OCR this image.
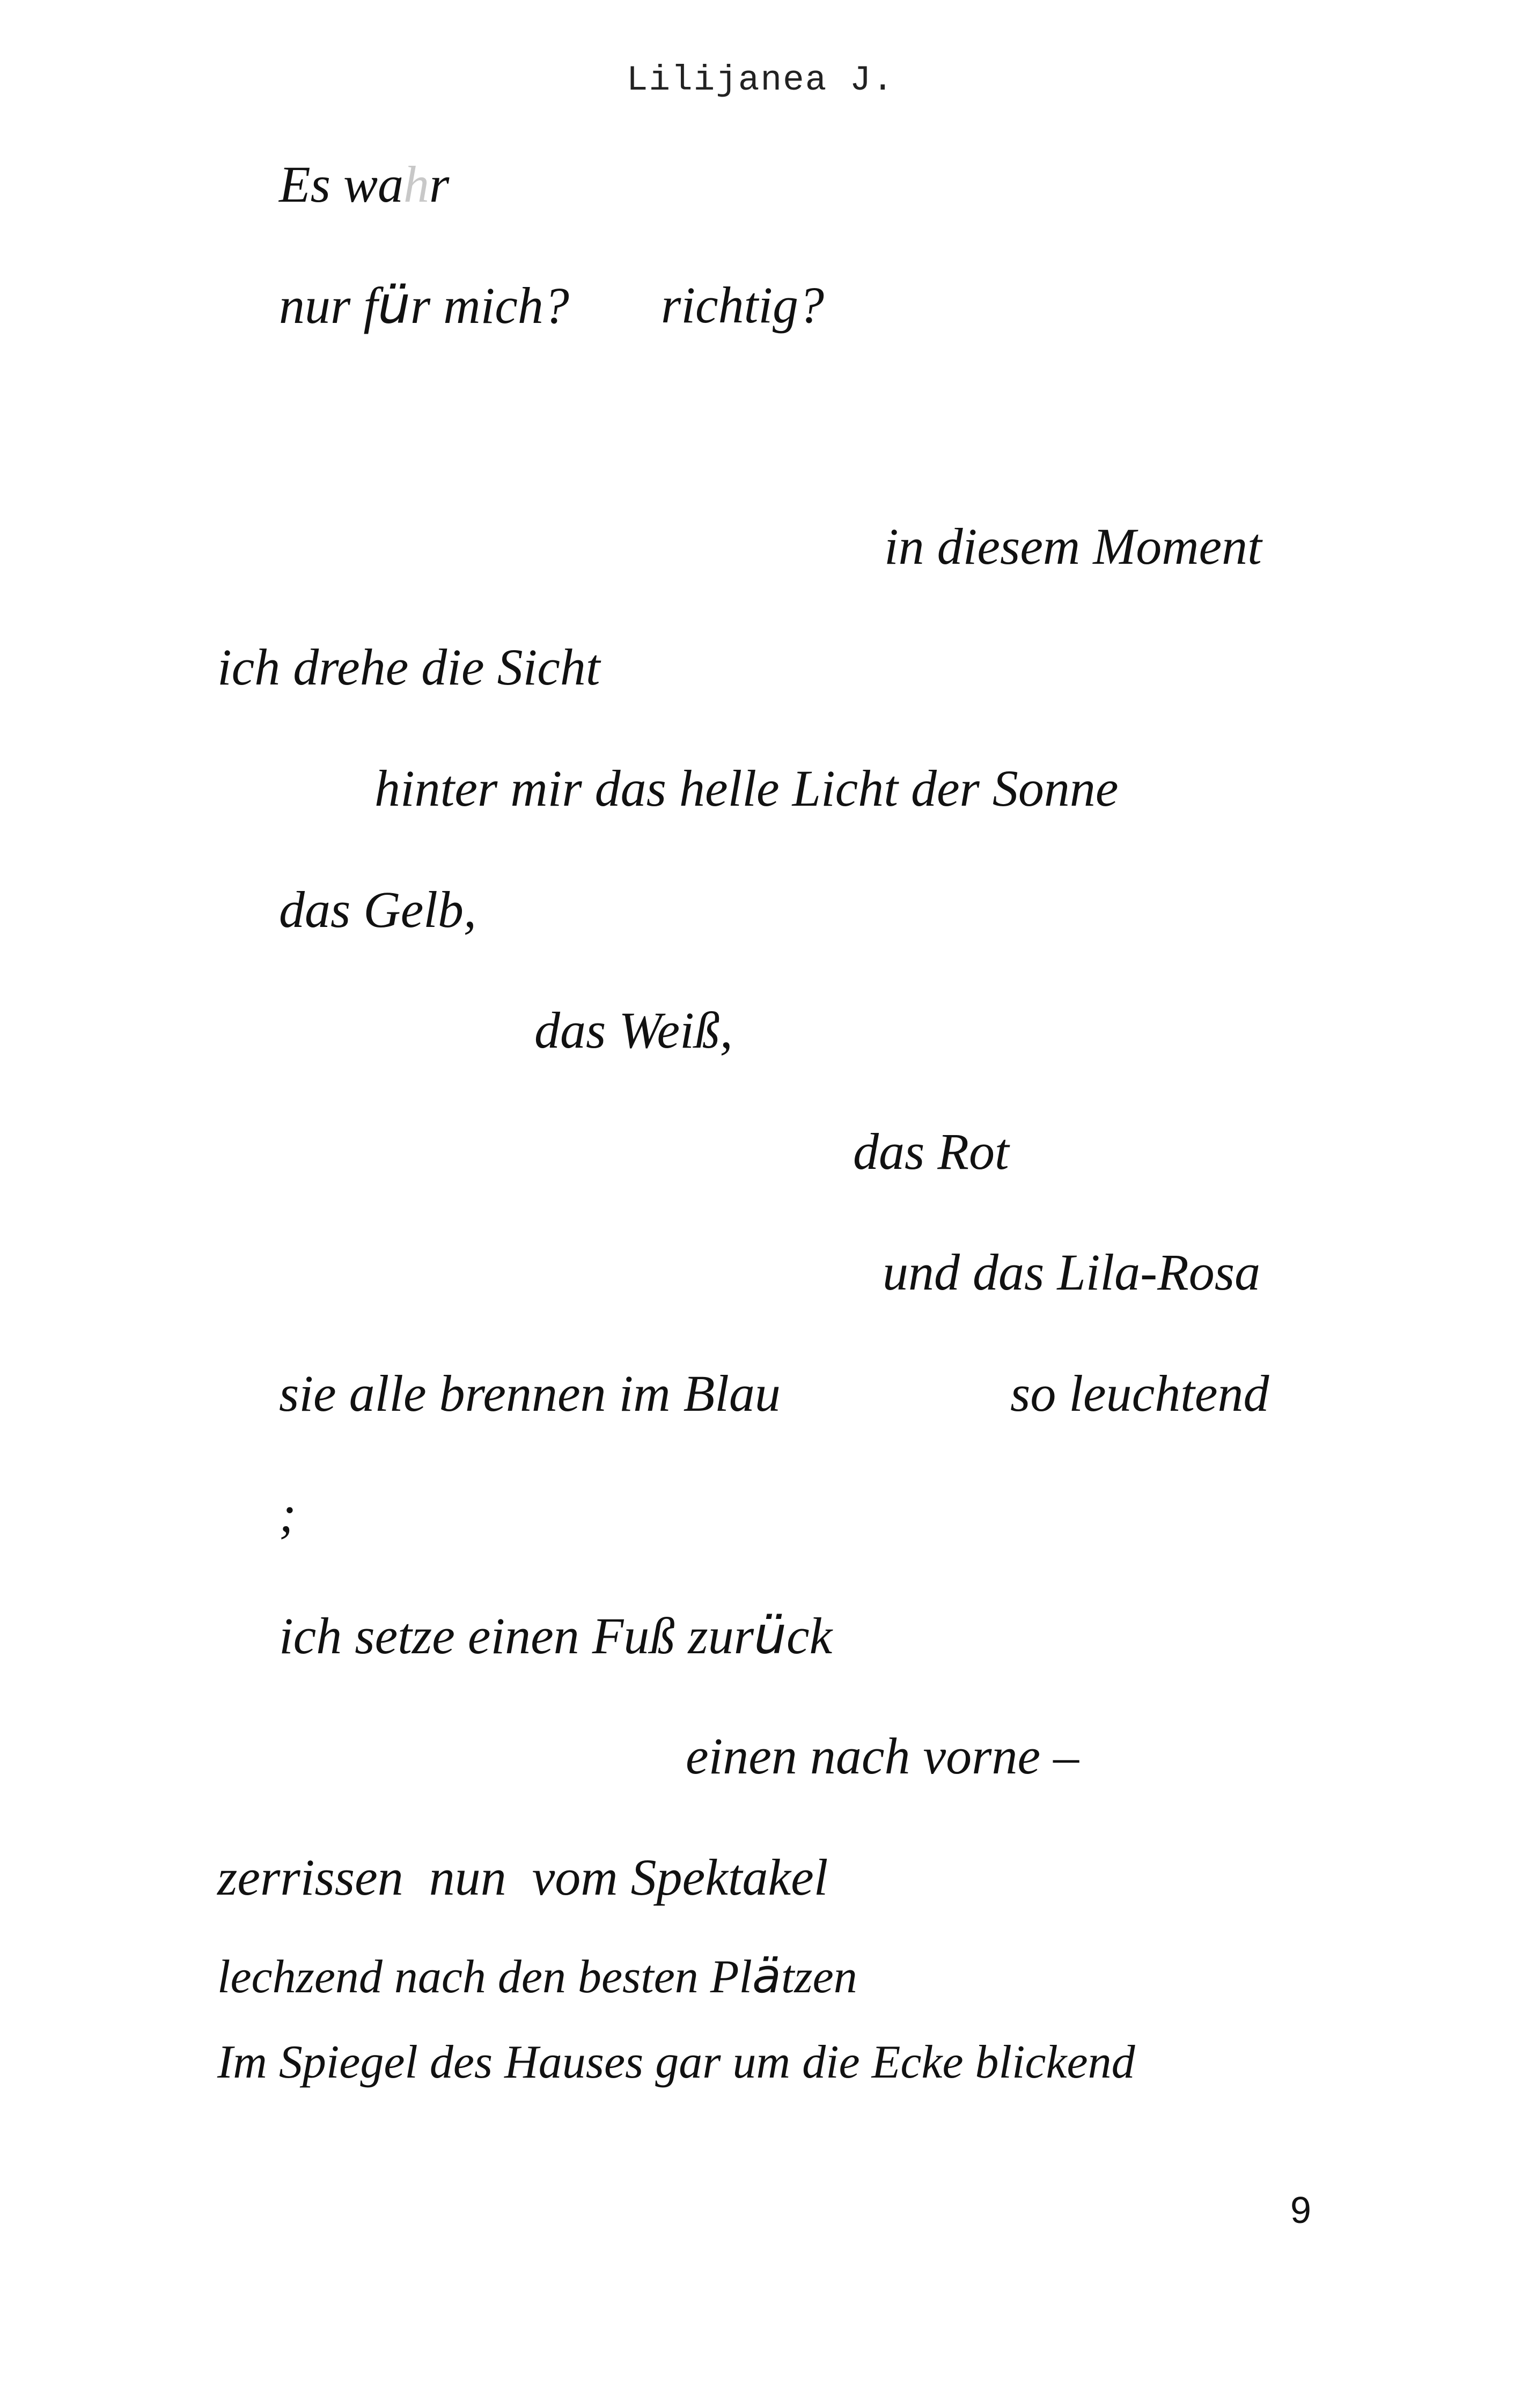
Lilijanea J.

Es wahr

nur für mich? richtig?

in diesem Moment

ich drehe die Sicht

hinter mir das helle Licht der Sonne

das Gelb,

das Weiß,

das Rot

und das Lila-Rosa

sie alle brennen im Blau	so leuchtend

;

ich setze einen Fuß zurück

einen nach vorne –

zerrissen  nun  vom Spektakel

lechzend nach den besten Plätzen

Im Spiegel des Hauses gar um die Ecke blickend

9
